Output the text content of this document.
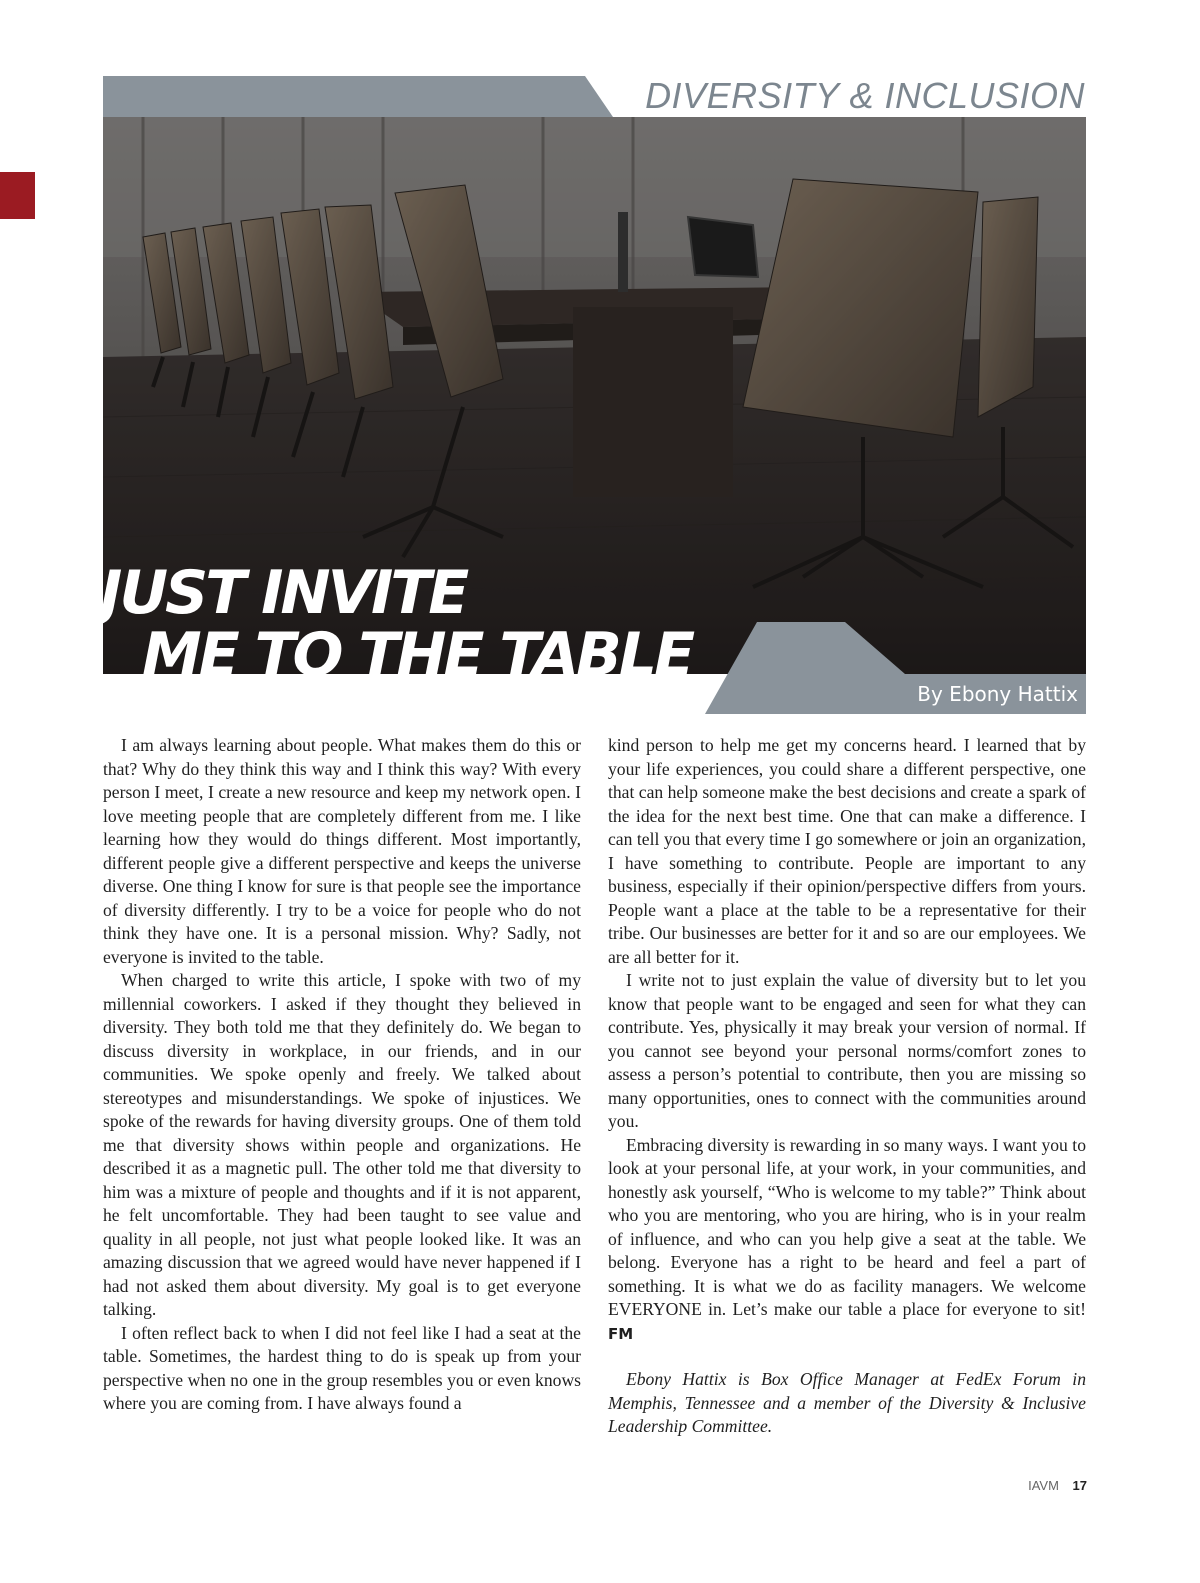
DIVERSITY & INCLUSION
JUST INVITE
ME TO THE TABLE

By Ebony Hattix

I am always learning about people. What makes them do this or that? Why do they think this way and I think this way? With every person I meet, I create a new resource and keep my network open. I love meeting people that are completely different from me. I like learning how they would do things different. Most importantly, different people give a different perspective and keeps the universe diverse. One thing I know for sure is that people see the importance of diversity differently. I try to be a voice for people who do not think they have one. It is a personal mission. Why? Sadly, not everyone is invited to the table.

When charged to write this article, I spoke with two of my millennial coworkers. I asked if they thought they believed in diversity. They both told me that they definitely do. We began to discuss diversity in workplace, in our friends, and in our communities. We spoke openly and freely. We talked about stereotypes and misunderstandings. We spoke of injustices. We spoke of the rewards for having diversity groups. One of them told me that diversity shows within people and organizations. He described it as a magnetic pull. The other told me that diversity to him was a mixture of people and thoughts and if it is not apparent, he felt uncomfortable. They had been taught to see value and quality in all people, not just what people looked like. It was an amazing discussion that we agreed would have never happened if I had not asked them about diversity. My goal is to get everyone talking.

I often reflect back to when I did not feel like I had a seat at the table. Sometimes, the hardest thing to do is speak up from your perspective when no one in the group resembles you or even knows where you are coming from. I have always found a

kind person to help me get my concerns heard. I learned that by your life experiences, you could share a different perspective, one that can help someone make the best decisions and create a spark of the idea for the next best time. One that can make a difference. I can tell you that every time I go somewhere or join an organization, I have something to contribute. People are important to any business, especially if their opinion/perspective differs from yours. People want a place at the table to be a representative for their tribe. Our businesses are better for it and so are our employees. We are all better for it.

I write not to just explain the value of diversity but to let you know that people want to be engaged and seen for what they can contribute. Yes, physically it may break your version of normal. If you cannot see beyond your personal norms/comfort zones to assess a person’s potential to contribute, then you are missing so many opportunities, ones to connect with the communities around you.

Embracing diversity is rewarding in so many ways. I want you to look at your personal life, at your work, in your communities, and honestly ask yourself, “Who is welcome to my table?” Think about who you are mentoring, who you are hiring, who is in your realm of influence, and who can you help give a seat at the table. We belong. Everyone has a right to be heard and feel a part of something. It is what we do as facility managers. We welcome EVERYONE in. Let’s make our table a place for everyone to sit! FM

Ebony Hattix is Box Office Manager at FedEx Forum in Memphis, Tennessee and a member of the Diversity & Inclusive Leadership Committee.

IAVM 17
